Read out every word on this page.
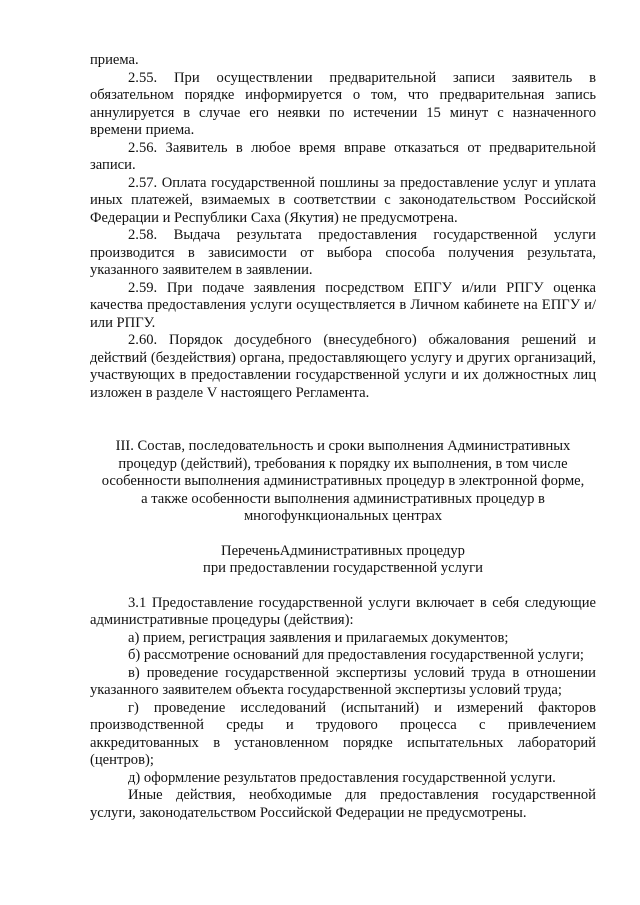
приема.

2.55. При осуществлении предварительной записи заявитель в обязательном порядке информируется о том, что предварительная запись аннулируется в случае его неявки по истечении 15 минут с назначенного времени приема.

2.56. Заявитель в любое время вправе отказаться от предварительной записи.

2.57. Оплата государственной пошлины за предоставление услуг и уплата иных платежей, взимаемых в соответствии с законодательством Российской Федерации и Республики Саха (Якутия) не предусмотрена.

2.58. Выдача результата предоставления государственной услуги производится в зависимости от выбора способа получения результата, указанного заявителем в заявлении.

2.59. При подаче заявления посредством ЕПГУ и/или РПГУ оценка качества предоставления услуги осуществляется в Личном кабинете на ЕПГУ и/или РПГУ.

2.60. Порядок досудебного (внесудебного) обжалования решений и действий (бездействия) органа, предоставляющего услугу и других организаций, участвующих в предоставлении государственной услуги и их должностных лиц изложен в разделе V настоящего Регламента.

III. Состав, последовательность и сроки выполнения Административных

процедур (действий), требования к порядку их выполнения, в том числе

особенности выполнения административных процедур в электронной форме,

а также особенности выполнения административных процедур в

многофункциональных центрах

ПереченьАдминистративных процедур

при предоставлении государственной услуги

3.1 Предоставление государственной услуги включает в себя следующие административные процедуры (действия):

а) прием, регистрация заявления и прилагаемых документов;

б) рассмотрение оснований для предоставления государственной услуги;

в) проведение государственной экспертизы условий труда в отношении указанного заявителем объекта государственной экспертизы условий труда;

г) проведение исследований (испытаний) и измерений факторов производственной среды и трудового процесса с привлечением аккредитованных в установленном порядке испытательных лабораторий (центров);

д) оформление результатов предоставления государственной услуги.

Иные действия, необходимые для предоставления государственной услуги, законодательством Российской Федерации не предусмотрены.
